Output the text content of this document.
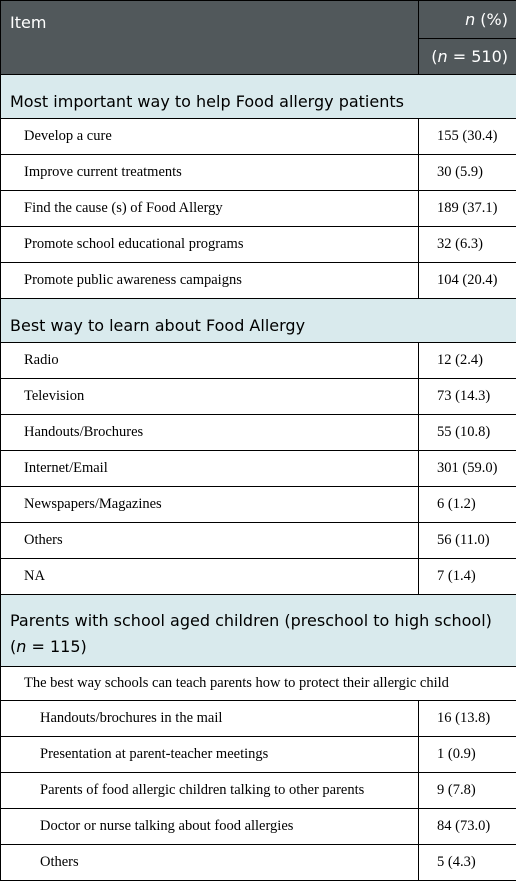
Item	n (%)
	(n = 510)
Most important way to help Food allergy patients	
Develop a cure	155 (30.4)
Improve current treatments	30 (5.9)
Find the cause (s) of Food Allergy	189 (37.1)
Promote school educational programs	32 (6.3)
Promote public awareness campaigns	104 (20.4)
Best way to learn about Food Allergy	
Radio	12 (2.4)
Television	73 (14.3)
Handouts/Brochures	55 (10.8)
Internet/Email	301 (59.0)
Newspapers/Magazines	6 (1.2)
Others	56 (11.0)
NA	7 (1.4)

Parents with school aged children (preschool to high school)
(n = 115)	

The best way schools can teach parents how to protect their allergic child	
Handouts/brochures in the mail	16 (13.8)
Presentation at parent-teacher meetings	1 (0.9)
Parents of food allergic children talking to other parents	9 (7.8)
Doctor or nurse talking about food allergies	84 (73.0)
Others	5 (4.3)
